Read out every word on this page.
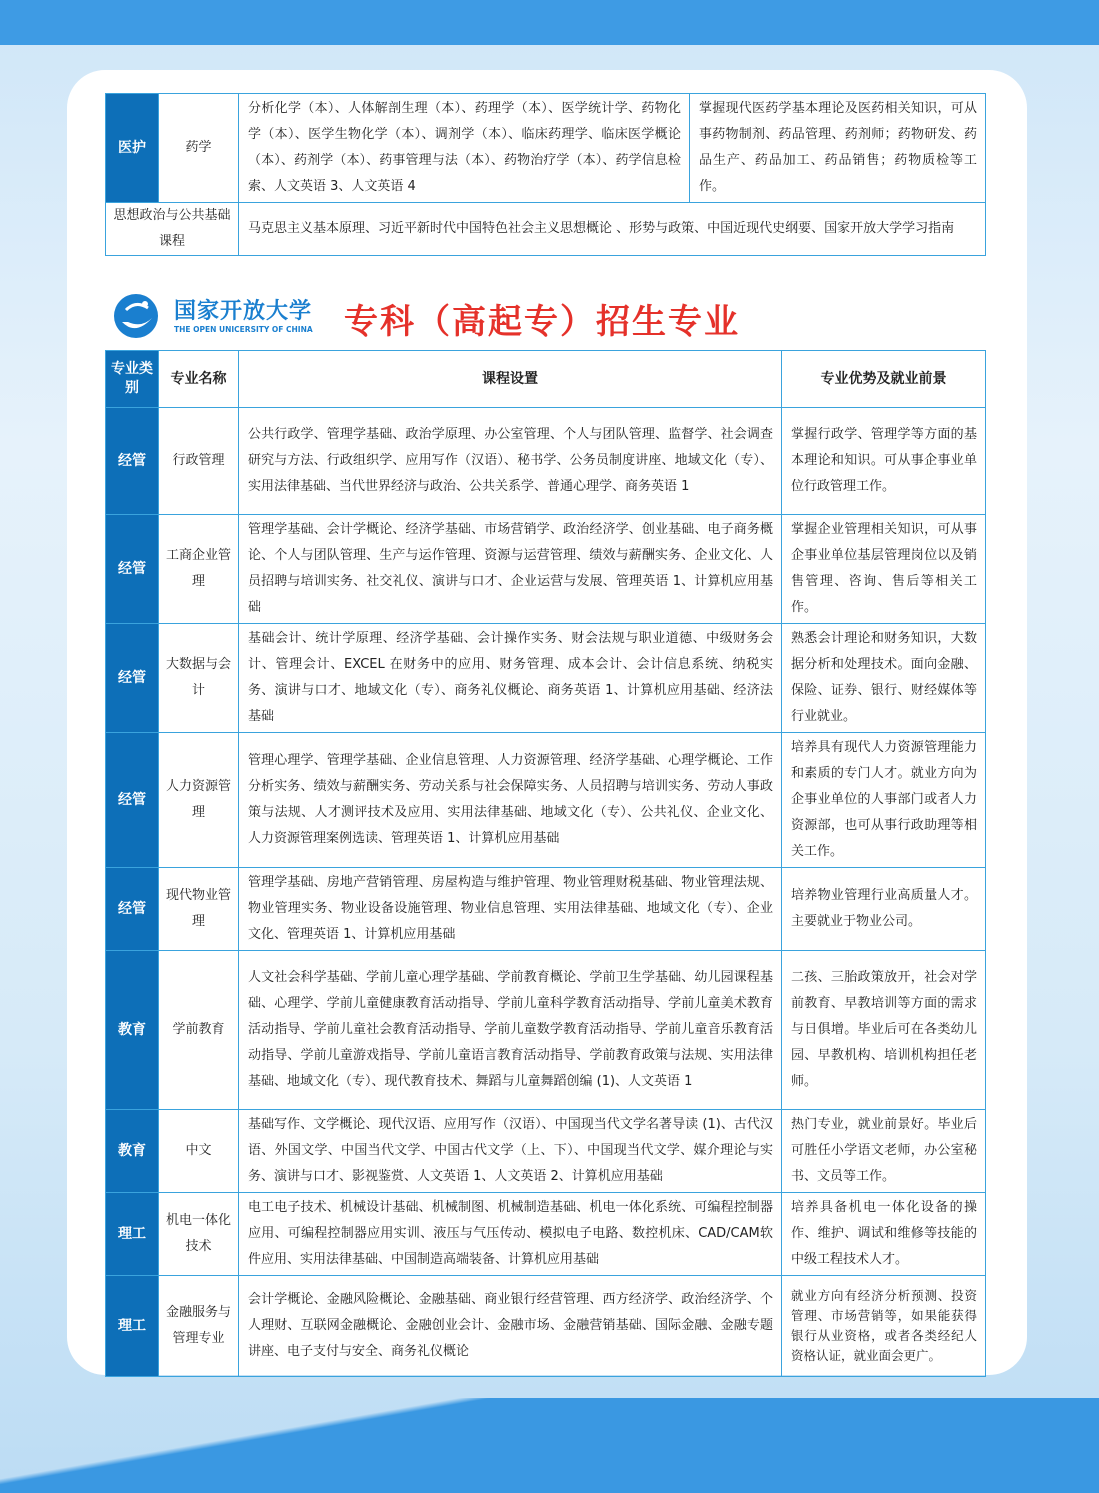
医护	药学	分析化学（本）、人体解剖生理（本）、药理学（本）、医学统计学、药物化学（本）、医学生物化学（本）、调剂学（本）、临床药理学、临床医学概论（本）、药剂学（本）、药事管理与法（本）、药物治疗学（本）、药学信息检索、人文英语 3、人文英语 4	掌握现代医药学基本理论及医药相关知识，可从事药物制剂、药品管理、药剂师；药物研发、药品生产、药品加工、药品销售；药物质检等工作。
思想政治与公共基础课程		马克思主义基本原理、习近平新时代中国特色社会主义思想概论 、形势与政策、中国近现代史纲要、国家开放大学学习指南	
国家开放大学
THE OPEN UNICERSITY OF CHINA 专科（高起专）招生专业
专业类别	专业名称	课程设置	专业优势及就业前景
经管	行政管理	公共行政学、管理学基础、政治学原理、办公室管理、个人与团队管理、监督学、社会调查研究与方法、行政组织学、应用写作（汉语）、秘书学、公务员制度讲座、地域文化（专）、实用法律基础、当代世界经济与政治、公共关系学、普通心理学、商务英语 1	掌握行政学、管理学等方面的基本理论和知识。可从事企事业单位行政管理工作。
经管	工商企业管理	管理学基础、会计学概论、经济学基础、市场营销学、政治经济学、创业基础、电子商务概论、个人与团队管理、生产与运作管理、资源与运营管理、绩效与薪酬实务、企业文化、人员招聘与培训实务、社交礼仪、演讲与口才、企业运营与发展、管理英语 1、计算机应用基础	掌握企业管理相关知识，可从事企事业单位基层管理岗位以及销售管理、咨询、售后等相关工作。
经管	大数据与会计	基础会计、统计学原理、经济学基础、会计操作实务、财会法规与职业道德、中级财务会计、管理会计、EXCEL 在财务中的应用、财务管理、成本会计、会计信息系统、纳税实务、演讲与口才、地域文化（专）、商务礼仪概论、商务英语 1、计算机应用基础、经济法基础	熟悉会计理论和财务知识，大数据分析和处理技术。面向金融、保险、证券、银行、财经媒体等行业就业。
经管	人力资源管理	管理心理学、管理学基础、企业信息管理、人力资源管理、经济学基础、心理学概论、工作分析实务、绩效与薪酬实务、劳动关系与社会保障实务、人员招聘与培训实务、劳动人事政策与法规、人才测评技术及应用、实用法律基础、地域文化（专）、公共礼仪、企业文化、人力资源管理案例选读、管理英语 1、计算机应用基础	培养具有现代人力资源管理能力和素质的专门人才。就业方向为企事业单位的人事部门或者人力资源部，也可从事行政助理等相关工作。
经管	现代物业管理	管理学基础、房地产营销管理、房屋构造与维护管理、物业管理财税基础、物业管理法规、物业管理实务、物业设备设施管理、物业信息管理、实用法律基础、地域文化（专）、企业文化、管理英语 1、计算机应用基础	培养物业管理行业高质量人才。主要就业于物业公司。
教育	学前教育	人文社会科学基础、学前儿童心理学基础、学前教育概论、学前卫生学基础、幼儿园课程基础、心理学、学前儿童健康教育活动指导、学前儿童科学教育活动指导、学前儿童美术教育活动指导、学前儿童社会教育活动指导、学前儿童数学教育活动指导、学前儿童音乐教育活动指导、学前儿童游戏指导、学前儿童语言教育活动指导、学前教育政策与法规、实用法律基础、地域文化（专）、现代教育技术、舞蹈与儿童舞蹈创编 (1)、人文英语 1	二孩、三胎政策放开，社会对学前教育、早教培训等方面的需求与日俱增。毕业后可在各类幼儿园、早教机构、培训机构担任老师。
教育	中文	基础写作、文学概论、现代汉语、应用写作（汉语）、中国现当代文学名著导读 (1)、古代汉语、外国文学、中国当代文学、中国古代文学（上、下）、中国现当代文学、媒介理论与实务、演讲与口才、影视鉴赏、人文英语 1、人文英语 2、计算机应用基础	热门专业，就业前景好。毕业后可胜任小学语文老师，办公室秘书、文员等工作。
理工	机电一体化技术	电工电子技术、机械设计基础、机械制图、机械制造基础、机电一体化系统、可编程控制器应用、可编程控制器应用实训、液压与气压传动、模拟电子电路、数控机床、CAD/CAM软件应用、实用法律基础、中国制造高端装备、计算机应用基础	培养具备机电一体化设备的操作、维护、调试和维修等技能的中级工程技术人才。
理工	金融服务与管理专业	会计学概论、金融风险概论、金融基础、商业银行经营管理、西方经济学、政治经济学、个人理财、互联网金融概论、金融创业会计、金融市场、金融营销基础、国际金融、金融专题讲座、电子支付与安全、商务礼仪概论	就业方向有经济分析预测、投资管理、市场营销等，如果能获得银行从业资格，或者各类经纪人资格认证，就业面会更广。
